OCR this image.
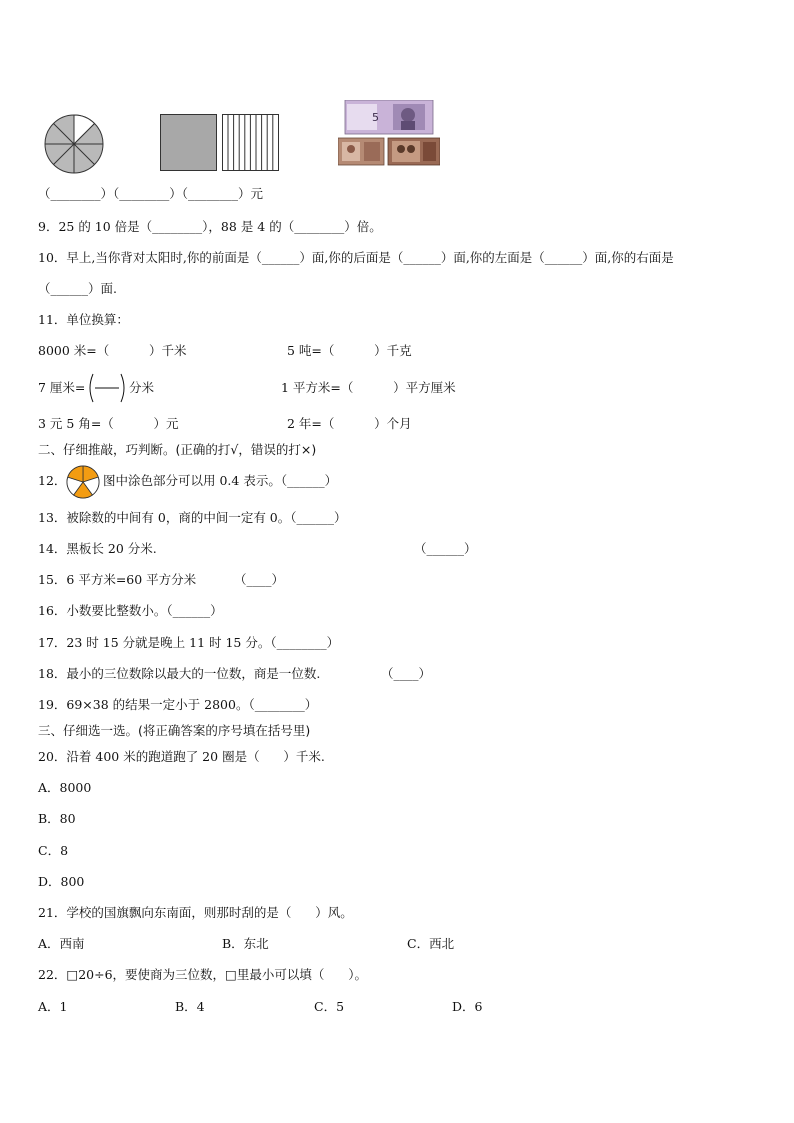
5
（________）（________）（________）元
9．25 的 10 倍是（________），88 是 4 的（________）倍。
10．早上,当你背对太阳时,你的前面是（______）面,你的后面是（______）面,你的左面是（______）面,你的右面是
（______）面.
11．单位换算：
8000 米=（          ）千米	5 吨=（          ）千克
7 厘米=	分米	1 平方米=（          ）平方厘米
3 元 5 角=（          ）元	2 年=（          ）个月
二、仔细推敲，巧判断。(正确的打√，错误的打×)
12．	图中涂色部分可以用 0.4 表示。（______）
13．被除数的中间有 0，商的中间一定有 0。（______）
14．黑板长 20 分米.	（______）
15．6 平方米=60 平方分米	（____）
16．小数要比整数小。（______）
17．23 时 15 分就是晚上 11 时 15 分。（________）
18．最小的三位数除以最大的一位数，商是一位数.	（____）
19．69×38 的结果一定小于 2800。（________）
三、仔细选一选。(将正确答案的序号填在括号里)
20．沿着 400 米的跑道跑了 20 圈是（      ）千米.
A．8000
B．80
C．8
D．800
21．学校的国旗飘向东南面，则那时刮的是（      ）风。
A．西南	B．东北	C．西北
22．□20÷6，要使商为三位数，□里最小可以填（      ）。
A．1	B．4	C．5	D．6
